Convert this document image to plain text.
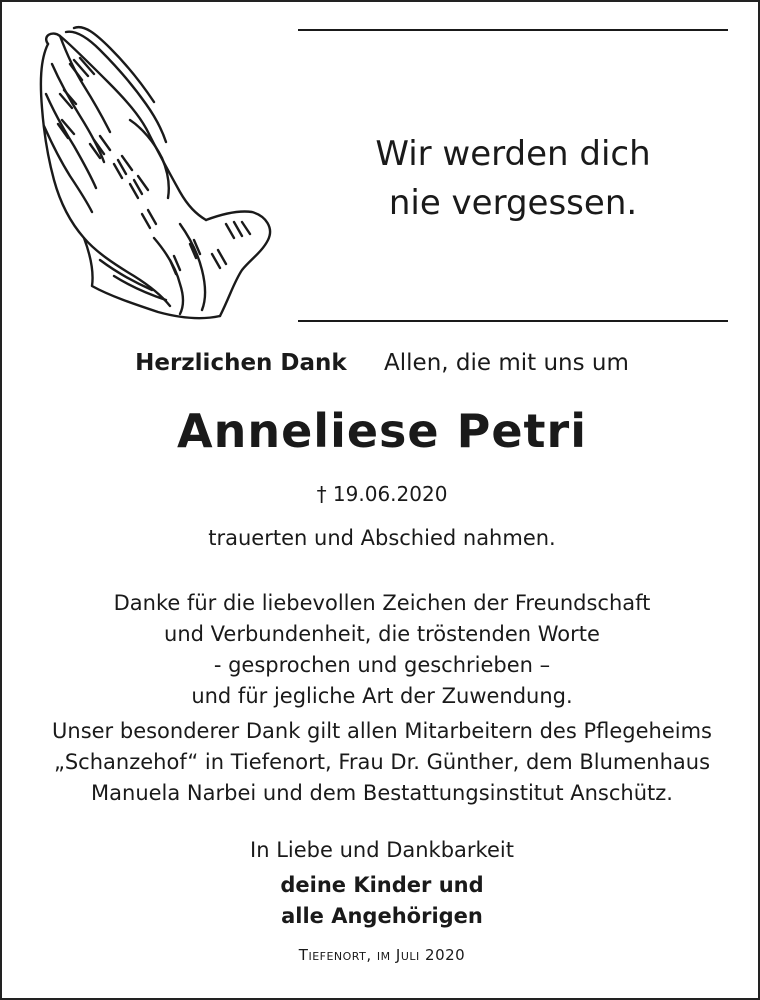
Wir werden dich
nie vergessen.
Herzlichen Dank Allen, die mit uns um
Anneliese Petri
† 19.06.2020
trauerten und Abschied nahmen.
Danke für die liebevollen Zeichen der Freundschaft
und Verbundenheit, die tröstenden Worte
- gesprochen und geschrieben –
und für jegliche Art der Zuwendung.
Unser besonderer Dank gilt allen Mitarbeitern des Pflegeheims
„Schanzehof“ in Tiefenort, Frau Dr. Günther, dem Blumenhaus
Manuela Narbei und dem Bestattungsinstitut Anschütz.
In Liebe und Dankbarkeit
deine Kinder und
alle Angehörigen
Tiefenort, im Juli 2020
